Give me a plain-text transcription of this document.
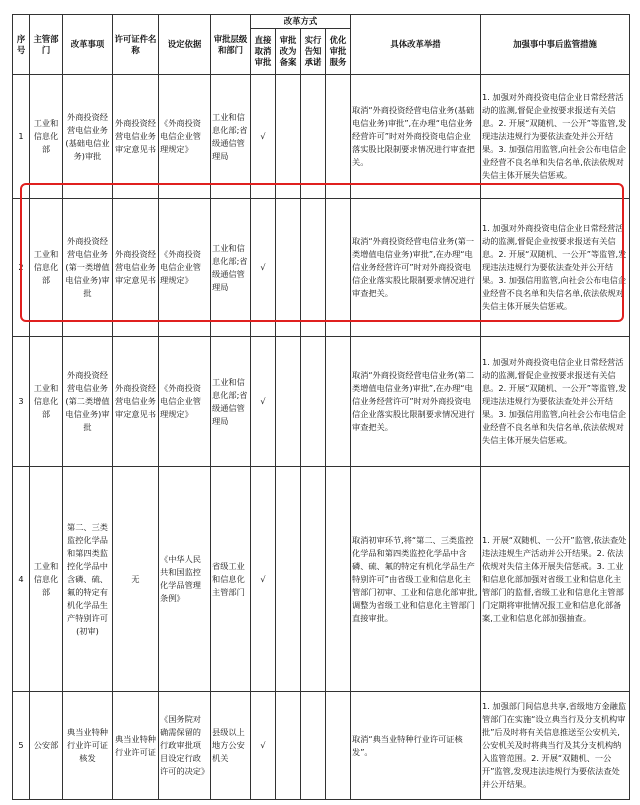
序号	主管部门	改革事项	许可证件名称	设定依据	审批层级和部门	改革方式				具体改革举措	加强事中事后监管措施
						直接取消审批	审批改为备案	实行告知承诺	优化审批服务		
1	工业和信息化部	外商投资经营电信业务(基础电信业务)审批	外商投资经营电信业务审定意见书	《外商投资电信企业管理规定》	工业和信息化部;省级通信管理局	√				取消“外商投资经营电信业务(基础电信业务)审批”,在办理“电信业务经营许可”时对外商投资电信企业落实股比限制要求情况进行审查把关。	1. 加强对外商投资电信企业日常经营活动的监测,督促企业按要求报送有关信息。2. 开展“双随机、一公开”等监管,发现违法违规行为要依法查处并公开结果。3. 加强信用监管,向社会公布电信企业经营不良名单和失信名单,依法依规对失信主体开展失信惩戒。
2	工业和信息化部	外商投资经营电信业务(第一类增值电信业务)审批	外商投资经营电信业务审定意见书	《外商投资电信企业管理规定》	工业和信息化部;省级通信管理局	√				取消“外商投资经营电信业务(第一类增值电信业务)审批”,在办理“电信业务经营许可”时对外商投资电信企业落实股比限制要求情况进行审查把关。	1. 加强对外商投资电信企业日常经营活动的监测,督促企业按要求报送有关信息。2. 开展“双随机、一公开”等监管,发现违法违规行为要依法查处并公开结果。3. 加强信用监管,向社会公布电信企业经营不良名单和失信名单,依法依规对失信主体开展失信惩戒。
3	工业和信息化部	外商投资经营电信业务(第二类增值电信业务)审批	外商投资经营电信业务审定意见书	《外商投资电信企业管理规定》	工业和信息化部;省级通信管理局	√				取消“外商投资经营电信业务(第二类增值电信业务)审批”,在办理“电信业务经营许可”时对外商投资电信企业落实股比限制要求情况进行审查把关。	1. 加强对外商投资电信企业日常经营活动的监测,督促企业按要求报送有关信息。2. 开展“双随机、一公开”等监管,发现违法违规行为要依法查处并公开结果。3. 加强信用监管,向社会公布电信企业经营不良名单和失信名单,依法依规对失信主体开展失信惩戒。
4	工业和信息化部	第二、三类监控化学品和第四类监控化学品中含磷、硫、氟的特定有机化学品生产特别许可(初审)	无	《中华人民共和国监控化学品管理条例》	省级工业和信息化主管部门	√				取消初审环节,将“第二、三类监控化学品和第四类监控化学品中含磷、硫、氟的特定有机化学品生产特别许可”由省级工业和信息化主管部门初审、工业和信息化部审批,调整为省级工业和信息化主管部门直接审批。	1. 开展“双随机、一公开”监管,依法查处违法违规生产活动并公开结果。2. 依法依规对失信主体开展失信惩戒。3. 工业和信息化部加强对省级工业和信息化主管部门的监督,省级工业和信息化主管部门定期将审批情况报工业和信息化部备案,工业和信息化部加强抽查。
5	公安部	典当业特种行业许可证核发	典当业特种行业许可证	《国务院对确需保留的行政审批项目设定行政许可的决定》	县级以上地方公安机关	√				取消“典当业特种行业许可证核发”。	1. 加强部门间信息共享,省级地方金融监管部门在实施“设立典当行及分支机构审批”后及时将有关信息推送至公安机关,公安机关及时将典当行及其分支机构纳入监管范围。2. 开展“双随机、一公开”监管,发现违法违规行为要依法查处并公开结果。
